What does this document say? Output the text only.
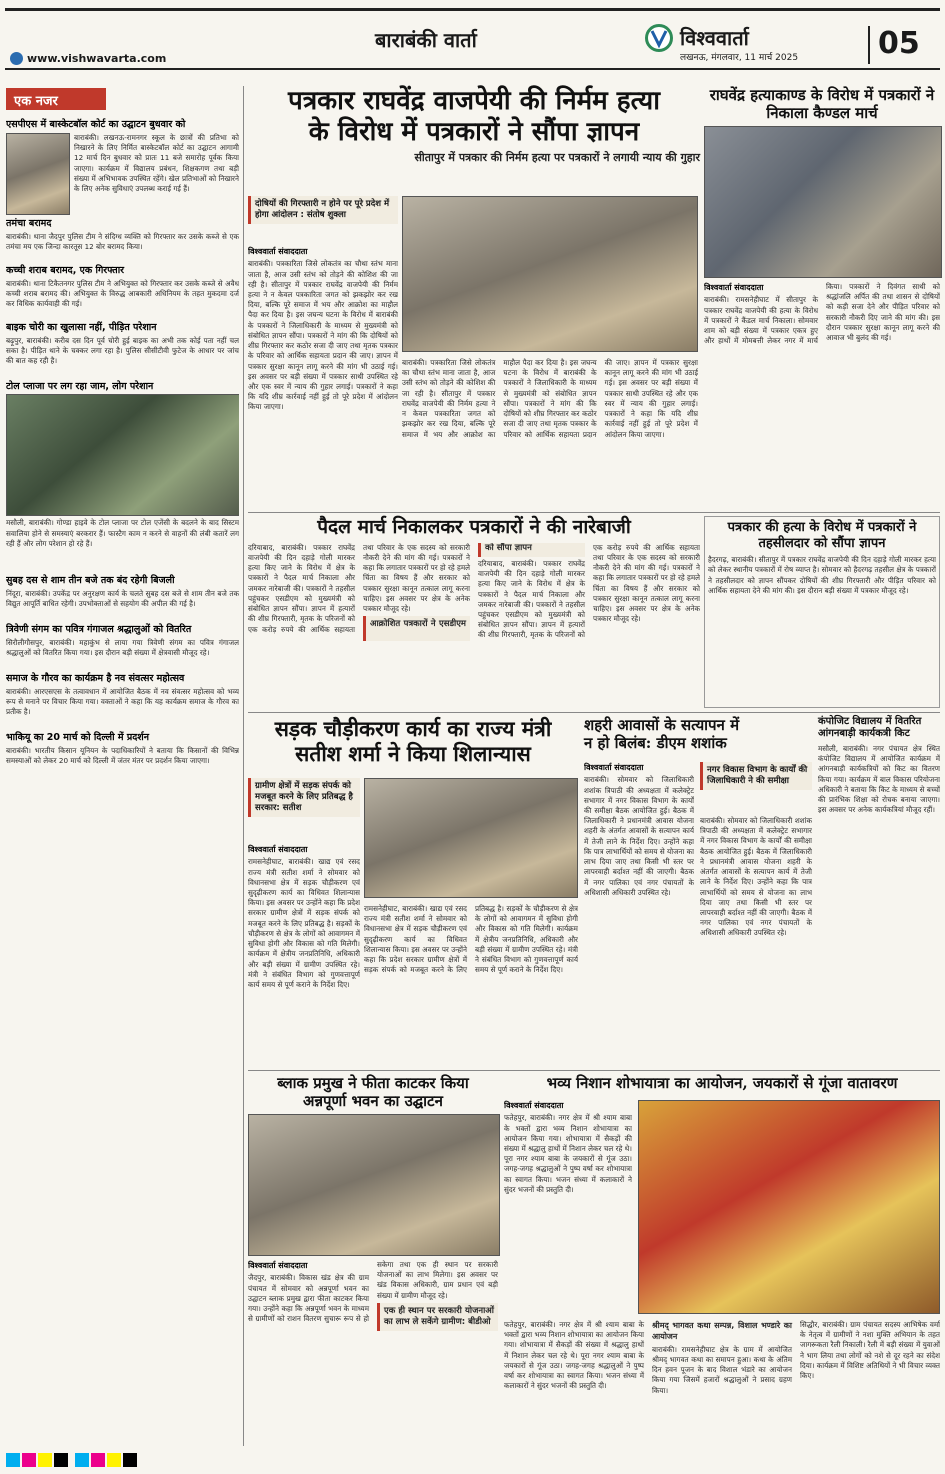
बाराबंकी वार्ता
www.vishwavarta.com
विश्ववार्ता
लखनऊ, मंगलवार, 11 मार्च 2025	05
एक नजर
एसपीएस में बास्केटबॉल कोर्ट का उद्घाटन बुधवार को
बाराबंकी। लखनऊ-रामनगर स्कूल के छात्रों की प्रतिभा को निखारने के लिए निर्मित बास्केटबॉल कोर्ट का उद्घाटन आगामी 12 मार्च दिन बुधवार को प्रातः 11 बजे समारोह पूर्वक किया जाएगा। कार्यक्रम में विद्यालय प्रबंधन, शिक्षकगण तथा बड़ी संख्या में अभिभावक उपस्थित रहेंगे। खेल प्रतिभाओं को निखारने के लिए अनेक सुविधाएं उपलब्ध कराई गई हैं।
तमंचा बरामद
बाराबंकी। थाना जैदपुर पुलिस टीम ने संदिग्ध व्यक्ति को गिरफ्तार कर उसके कब्जे से एक तमंचा मय एक जिन्दा कारतूस 12 बोर बरामद किया।
कच्ची शराब बरामद, एक गिरफ्तार
बाराबंकी। थाना टिकैतनगर पुलिस टीम ने अभियुक्त को गिरफ्तार कर उसके कब्जे से अवैध कच्ची शराब बरामद की। अभियुक्त के विरुद्ध आबकारी अधिनियम के तहत मुकदमा दर्ज कर विधिक कार्यवाही की गई।
बाइक चोरी का खुलासा नहीं, पीड़ित परेशान
बढ़ूपुर, बाराबंकी। करीब दस दिन पूर्व चोरी हुई बाइक का अभी तक कोई पता नहीं चल सका है। पीड़ित थाने के चक्कर लगा रहा है। पुलिस सीसीटीवी फुटेज के आधार पर जांच की बात कह रही है।
टोल प्लाजा पर लग रहा जाम, लोग परेशान
मसौली, बाराबंकी। गोण्डा हाइवे के टोल प्लाजा पर टोल एजेंसी के बदलने के बाद सिस्टम सवालिया होने से समस्याएं बरकरार हैं। फास्टैग काम न करने से वाहनों की लंबी कतारें लग रही हैं और लोग परेशान हो रहे हैं।
सुबह दस से शाम तीन बजे तक बंद रहेगी बिजली
निंदूरा, बाराबंकी। उपकेंद्र पर अनुरक्षण कार्य के चलते सुबह दस बजे से शाम तीन बजे तक विद्युत आपूर्ति बाधित रहेगी। उपभोक्ताओं से सहयोग की अपील की गई है।
त्रिवेणी संगम का पवित्र गंगाजल श्रद्धालुओं को वितरित
सिरौलीगौसपुर, बाराबंकी। महाकुंभ से लाया गया त्रिवेणी संगम का पवित्र गंगाजल श्रद्धालुओं को वितरित किया गया। इस दौरान बड़ी संख्या में क्षेत्रवासी मौजूद रहे।
समाज के गौरव का कार्यक्रम है नव संवत्सर महोत्सव
बाराबंकी। आरएसएस के तत्वावधान में आयोजित बैठक में नव संवत्सर महोत्सव को भव्य रूप से मनाने पर विचार किया गया। वक्ताओं ने कहा कि यह कार्यक्रम समाज के गौरव का प्रतीक है।
भाकियू का 20 मार्च को दिल्ली में प्रदर्शन
बाराबंकी। भारतीय किसान यूनियन के पदाधिकारियों ने बताया कि किसानों की विभिन्न समस्याओं को लेकर 20 मार्च को दिल्ली में जंतर मंतर पर प्रदर्शन किया जाएगा।
पत्रकार राघवेंद्र वाजपेयी की निर्मम हत्या
के विरोध में पत्रकारों ने सौंपा ज्ञापन
सीतापुर में पत्रकार की निर्मम हत्या पर पत्रकारों ने लगायी न्याय की गुहार
दोषियों की गिरफ्तारी न होने पर पूरे प्रदेश में होगा आंदोलन : संतोष शुक्ला
विश्ववार्ता संवाददाता

बाराबंकी। पत्रकारिता जिसे लोकतंत्र का चौथा स्तंभ माना जाता है, आज उसी स्तंभ को तोड़ने की कोशिश की जा रही है। सीतापुर में पत्रकार राघवेंद्र वाजपेयी की निर्मम हत्या ने न केवल पत्रकारिता जगत को झकझोर कर रख दिया, बल्कि पूरे समाज में भय और आक्रोश का माहौल पैदा कर दिया है। इस जघन्य घटना के विरोध में बाराबंकी के पत्रकारों ने जिलाधिकारी के माध्यम से मुख्यमंत्री को संबोधित ज्ञापन सौंपा। पत्रकारों ने मांग की कि दोषियों को शीघ्र गिरफ्तार कर कठोर सजा दी जाए तथा मृतक पत्रकार के परिवार को आर्थिक सहायता प्रदान की जाए। ज्ञापन में पत्रकार सुरक्षा कानून लागू करने की मांग भी उठाई गई। इस अवसर पर बड़ी संख्या में पत्रकार साथी उपस्थित रहे और एक स्वर में न्याय की गुहार लगाई। पत्रकारों ने कहा कि यदि शीघ्र कार्रवाई नहीं हुई तो पूरे प्रदेश में आंदोलन किया जाएगा।

बाराबंकी। पत्रकारिता जिसे लोकतंत्र का चौथा स्तंभ माना जाता है, आज उसी स्तंभ को तोड़ने की कोशिश की जा रही है। सीतापुर में पत्रकार राघवेंद्र वाजपेयी की निर्मम हत्या ने न केवल पत्रकारिता जगत को झकझोर कर रख दिया, बल्कि पूरे समाज में भय और आक्रोश का माहौल पैदा कर दिया है। इस जघन्य घटना के विरोध में बाराबंकी के पत्रकारों ने जिलाधिकारी के माध्यम से मुख्यमंत्री को संबोधित ज्ञापन सौंपा। पत्रकारों ने मांग की कि दोषियों को शीघ्र गिरफ्तार कर कठोर सजा दी जाए तथा मृतक पत्रकार के परिवार को आर्थिक सहायता प्रदान की जाए। ज्ञापन में पत्रकार सुरक्षा कानून लागू करने की मांग भी उठाई गई। इस अवसर पर बड़ी संख्या में पत्रकार साथी उपस्थित रहे और एक स्वर में न्याय की गुहार लगाई। पत्रकारों ने कहा कि यदि शीघ्र कार्रवाई नहीं हुई तो पूरे प्रदेश में आंदोलन किया जाएगा।

राघवेंद्र हत्याकाण्ड के विरोध में पत्रकारों ने निकाला कैण्डल मार्च
विश्ववार्ता संवाददाता

बाराबंकी। रामसनेहीघाट में सीतापुर के पत्रकार राघवेंद्र वाजपेयी की हत्या के विरोध में पत्रकारों ने कैंडल मार्च निकाला। सोमवार शाम को बड़ी संख्या में पत्रकार एकत्र हुए और हाथों में मोमबत्ती लेकर नगर में मार्च किया। पत्रकारों ने दिवंगत साथी को श्रद्धांजलि अर्पित की तथा शासन से दोषियों को कड़ी सजा देने और पीड़ित परिवार को सरकारी नौकरी दिए जाने की मांग की। इस दौरान पत्रकार सुरक्षा कानून लागू करने की आवाज भी बुलंद की गई।

पैदल मार्च निकालकर पत्रकारों ने की नारेबाजी

दरियाबाद, बाराबंकी। पत्रकार राघवेंद्र वाजपेयी की दिन दहाड़े गोली मारकर हत्या किए जाने के विरोध में क्षेत्र के पत्रकारों ने पैदल मार्च निकाला और जमकर नारेबाजी की। पत्रकारों ने तहसील पहुंचकर एसडीएम को मुख्यमंत्री को संबोधित ज्ञापन सौंपा। ज्ञापन में हत्यारों की शीघ्र गिरफ्तारी, मृतक के परिजनों को एक करोड़ रुपये की आर्थिक सहायता तथा परिवार के एक सदस्य को सरकारी नौकरी देने की मांग की गई। पत्रकारों ने कहा कि लगातार पत्रकारों पर हो रहे हमले चिंता का विषय हैं और सरकार को पत्रकार सुरक्षा कानून तत्काल लागू करना चाहिए। इस अवसर पर क्षेत्र के अनेक पत्रकार मौजूद रहे।

आक्रोशित पत्रकारों ने एसडीएम को सौंपा ज्ञापन

दरियाबाद, बाराबंकी। पत्रकार राघवेंद्र वाजपेयी की दिन दहाड़े गोली मारकर हत्या किए जाने के विरोध में क्षेत्र के पत्रकारों ने पैदल मार्च निकाला और जमकर नारेबाजी की। पत्रकारों ने तहसील पहुंचकर एसडीएम को मुख्यमंत्री को संबोधित ज्ञापन सौंपा। ज्ञापन में हत्यारों की शीघ्र गिरफ्तारी, मृतक के परिजनों को एक करोड़ रुपये की आर्थिक सहायता तथा परिवार के एक सदस्य को सरकारी नौकरी देने की मांग की गई। पत्रकारों ने कहा कि लगातार पत्रकारों पर हो रहे हमले चिंता का विषय हैं और सरकार को पत्रकार सुरक्षा कानून तत्काल लागू करना चाहिए। इस अवसर पर क्षेत्र के अनेक पत्रकार मौजूद रहे।

पत्रकार की हत्या के विरोध में पत्रकारों ने तहसीलदार को सौंपा ज्ञापन
हैदरगढ़, बाराबंकी। सीतापुर में पत्रकार राघवेंद्र वाजपेयी की दिन दहाड़े गोली मारकर हत्या को लेकर स्थानीय पत्रकारों में रोष व्याप्त है। सोमवार को हैदरगढ़ तहसील क्षेत्र के पत्रकारों ने तहसीलदार को ज्ञापन सौंपकर दोषियों की शीघ्र गिरफ्तारी और पीड़ित परिवार को आर्थिक सहायता देने की मांग की। इस दौरान बड़ी संख्या में पत्रकार मौजूद रहे।
सड़क चौड़ीकरण कार्य का राज्य मंत्री
सतीश शर्मा ने किया शिलान्यास
ग्रामीण क्षेत्रों में सड़क संपर्क को मजबूत करने के लिए प्रतिबद्ध है सरकार: सतीश
विश्ववार्ता संवाददाता

रामसनेहीघाट, बाराबंकी। खाद्य एवं रसद राज्य मंत्री सतीश शर्मा ने सोमवार को विधानसभा क्षेत्र में सड़क चौड़ीकरण एवं सुदृढ़ीकरण कार्य का विधिवत शिलान्यास किया। इस अवसर पर उन्होंने कहा कि प्रदेश सरकार ग्रामीण क्षेत्रों में सड़क संपर्क को मजबूत करने के लिए प्रतिबद्ध है। सड़कों के चौड़ीकरण से क्षेत्र के लोगों को आवागमन में सुविधा होगी और विकास को गति मिलेगी। कार्यक्रम में क्षेत्रीय जनप्रतिनिधि, अधिकारी और बड़ी संख्या में ग्रामीण उपस्थित रहे। मंत्री ने संबंधित विभाग को गुणवत्तापूर्ण कार्य समय से पूर्ण कराने के निर्देश दिए।

रामसनेहीघाट, बाराबंकी। खाद्य एवं रसद राज्य मंत्री सतीश शर्मा ने सोमवार को विधानसभा क्षेत्र में सड़क चौड़ीकरण एवं सुदृढ़ीकरण कार्य का विधिवत शिलान्यास किया। इस अवसर पर उन्होंने कहा कि प्रदेश सरकार ग्रामीण क्षेत्रों में सड़क संपर्क को मजबूत करने के लिए प्रतिबद्ध है। सड़कों के चौड़ीकरण से क्षेत्र के लोगों को आवागमन में सुविधा होगी और विकास को गति मिलेगी। कार्यक्रम में क्षेत्रीय जनप्रतिनिधि, अधिकारी और बड़ी संख्या में ग्रामीण उपस्थित रहे। मंत्री ने संबंधित विभाग को गुणवत्तापूर्ण कार्य समय से पूर्ण कराने के निर्देश दिए।

शहरी आवासों के सत्यापन में
न हो बिलंब: डीएम शशांक
विश्ववार्ता संवाददाता

बाराबंकी। सोमवार को जिलाधिकारी शशांक त्रिपाठी की अध्यक्षता में कलेक्ट्रेट सभागार में नगर विकास विभाग के कार्यों की समीक्षा बैठक आयोजित हुई। बैठक में जिलाधिकारी ने प्रधानमंत्री आवास योजना शहरी के अंतर्गत आवासों के सत्यापन कार्य में तेजी लाने के निर्देश दिए। उन्होंने कहा कि पात्र लाभार्थियों को समय से योजना का लाभ दिया जाए तथा किसी भी स्तर पर लापरवाही बर्दाश्त नहीं की जाएगी। बैठक में नगर पालिका एवं नगर पंचायतों के अधिशासी अधिकारी उपस्थित रहे।

नगर विकास विभाग के कार्यों की जिलाधिकारी ने की समीक्षा

बाराबंकी। सोमवार को जिलाधिकारी शशांक त्रिपाठी की अध्यक्षता में कलेक्ट्रेट सभागार में नगर विकास विभाग के कार्यों की समीक्षा बैठक आयोजित हुई। बैठक में जिलाधिकारी ने प्रधानमंत्री आवास योजना शहरी के अंतर्गत आवासों के सत्यापन कार्य में तेजी लाने के निर्देश दिए। उन्होंने कहा कि पात्र लाभार्थियों को समय से योजना का लाभ दिया जाए तथा किसी भी स्तर पर लापरवाही बर्दाश्त नहीं की जाएगी। बैठक में नगर पालिका एवं नगर पंचायतों के अधिशासी अधिकारी उपस्थित रहे।

कंपोजिट विद्यालय में वितरित आंगनबाड़ी कार्यकत्री किट
मसौली, बाराबंकी। नगर पंचायत क्षेत्र स्थित कंपोजिट विद्यालय में आयोजित कार्यक्रम में आंगनबाड़ी कार्यकत्रियों को किट का वितरण किया गया। कार्यक्रम में बाल विकास परियोजना अधिकारी ने बताया कि किट के माध्यम से बच्चों की प्रारंभिक शिक्षा को रोचक बनाया जाएगा। इस अवसर पर अनेक कार्यकत्रियां मौजूद रहीं।
ब्लाक प्रमुख ने फीता काटकर किया
अन्नपूर्णा भवन का उद्घाटन
विश्ववार्ता संवाददाता

जैदपुर, बाराबंकी। विकास खंड क्षेत्र की ग्राम पंचायत में सोमवार को अन्नपूर्णा भवन का उद्घाटन ब्लाक प्रमुख द्वारा फीता काटकर किया गया। उन्होंने कहा कि अन्नपूर्णा भवन के माध्यम से ग्रामीणों को राशन वितरण सुचारू रूप से हो सकेगा तथा एक ही स्थान पर सरकारी योजनाओं का लाभ मिलेगा। इस अवसर पर खंड विकास अधिकारी, ग्राम प्रधान एवं बड़ी संख्या में ग्रामीण मौजूद रहे।

एक ही स्थान पर सरकारी योजनाओं का लाभ ले सकेंगे ग्रामीण: बीडीओ

भव्य निशान शोभायात्रा का आयोजन, जयकारों से गूंजा वातावरण
विश्ववार्ता संवाददाता

फतेहपुर, बाराबंकी। नगर क्षेत्र में श्री श्याम बाबा के भक्तों द्वारा भव्य निशान शोभायात्रा का आयोजन किया गया। शोभायात्रा में सैकड़ों की संख्या में श्रद्धालु हाथों में निशान लेकर चल रहे थे। पूरा नगर श्याम बाबा के जयकारों से गूंज उठा। जगह-जगह श्रद्धालुओं ने पुष्प वर्षा कर शोभायात्रा का स्वागत किया। भजन संध्या में कलाकारों ने सुंदर भजनों की प्रस्तुति दी।

फतेहपुर, बाराबंकी। नगर क्षेत्र में श्री श्याम बाबा के भक्तों द्वारा भव्य निशान शोभायात्रा का आयोजन किया गया। शोभायात्रा में सैकड़ों की संख्या में श्रद्धालु हाथों में निशान लेकर चल रहे थे। पूरा नगर श्याम बाबा के जयकारों से गूंज उठा। जगह-जगह श्रद्धालुओं ने पुष्प वर्षा कर शोभायात्रा का स्वागत किया। भजन संध्या में कलाकारों ने सुंदर भजनों की प्रस्तुति दी।

श्रीमद् भागवत कथा सम्पन्न, विशाल भण्डारे का आयोजन

बाराबंकी। रामसनेहीघाट क्षेत्र के ग्राम में आयोजित श्रीमद् भागवत कथा का समापन हुआ। कथा के अंतिम दिन हवन पूजन के बाद विशाल भंडारे का आयोजन किया गया जिसमें हजारों श्रद्धालुओं ने प्रसाद ग्रहण किया।

सिद्धौर, बाराबंकी। ग्राम पंचायत सदस्य आभिषेक वर्मा के नेतृत्व में ग्रामीणों ने नशा मुक्ति अभियान के तहत जागरूकता रैली निकाली। रैली में बड़ी संख्या में युवाओं ने भाग लिया तथा लोगों को नशे से दूर रहने का संदेश दिया। कार्यक्रम में विशिष्ट अतिथियों ने भी विचार व्यक्त किए।
